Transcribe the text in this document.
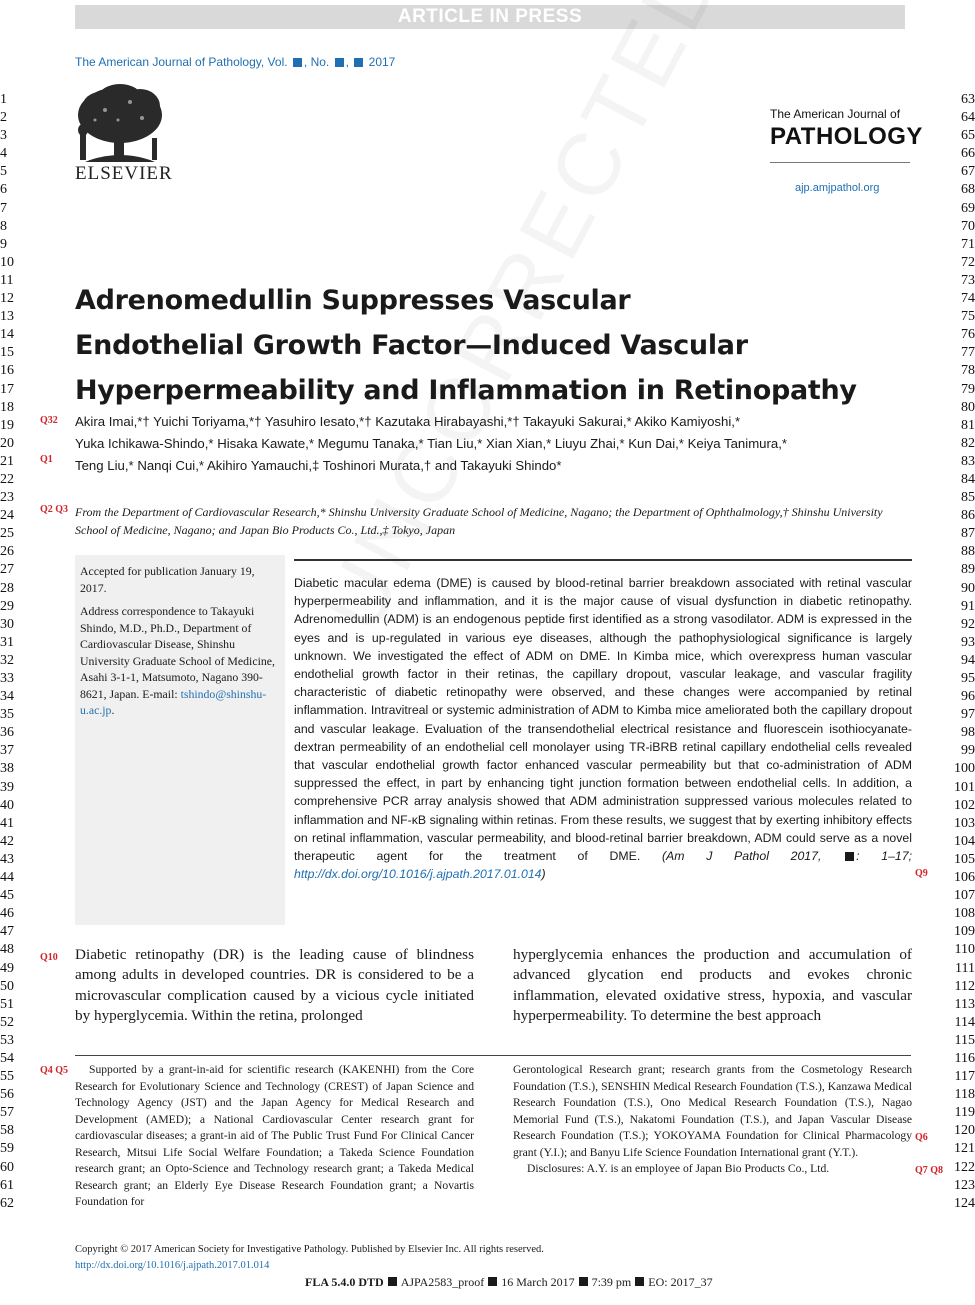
ARTICLE IN PRESS
The American Journal of Pathology, Vol. , No. , 2017
ELSEVIER
The American Journal of
PATHOLOGY
ajp.amjpathol.org
1
2
3
4
5
6
7
8
9
10
11
12
13
14
15
16
17
18
19
20
21
22
23
24
25
26
27
28
29
30
31
32
33
34
35
36
37
38
39
40
41
42
43
44
45
46
47
48
49
50
51
52
53
54
55
56
57
58
59
60
61
62
63
64
65
66
67
68
69
70
71
72
73
74
75
76
77
78
79
80
81
82
83
84
85
86
87
88
89
90
91
92
93
94
95
96
97
98
99
100
101
102
103
104
105
106
107
108
109
110
111
112
113
114
115
116
117
118
119
120
121
122
123
124
Q32
Q1
Q2 Q3
Q9
Q10
Q4 Q5
Q6
Q7 Q8
Adrenomedullin Suppresses Vascular
Endothelial Growth Factor—Induced Vascular
Hyperpermeability and Inflammation in Retinopathy
Akira Imai,*† Yuichi Toriyama,*† Yasuhiro Iesato,*† Kazutaka Hirabayashi,*† Takayuki Sakurai,* Akiko Kamiyoshi,*
Yuka Ichikawa-Shindo,* Hisaka Kawate,* Megumu Tanaka,* Tian Liu,* Xian Xian,* Liuyu Zhai,* Kun Dai,* Keiya Tanimura,*
Teng Liu,* Nanqi Cui,* Akihiro Yamauchi,‡ Toshinori Murata,† and Takayuki Shindo*
From the Department of Cardiovascular Research,* Shinshu University Graduate School of Medicine, Nagano; the Department of Ophthalmology,† Shinshu University School of Medicine, Nagano; and Japan Bio Products Co., Ltd.,‡ Tokyo, Japan

Accepted for publication January 19, 2017.

Address correspondence to Takayuki Shindo, M.D., Ph.D., Department of Cardiovascular Disease, Shinshu University Graduate School of Medicine, Asahi 3-1-1, Matsumoto, Nagano 390-8621, Japan. E-mail: tshindo@shinshu-u.ac.jp.

Diabetic macular edema (DME) is caused by blood-retinal barrier breakdown associated with retinal vascular hyperpermeability and inflammation, and it is the major cause of visual dysfunction in diabetic retinopathy. Adrenomedullin (ADM) is an endogenous peptide first identified as a strong vasodilator. ADM is expressed in the eyes and is up-regulated in various eye diseases, although the pathophysiological significance is largely unknown. We investigated the effect of ADM on DME. In Kimba mice, which overexpress human vascular endothelial growth factor in their retinas, the capillary dropout, vascular leakage, and vascular fragility characteristic of diabetic retinopathy were observed, and these changes were accompanied by retinal inflammation. Intravitreal or systemic administration of ADM to Kimba mice ameliorated both the capillary dropout and vascular leakage. Evaluation of the transendothelial electrical resistance and fluorescein isothiocyanate-dextran permeability of an endothelial cell monolayer using TR-iBRB retinal capillary endothelial cells revealed that vascular endothelial growth factor enhanced vascular permeability but that co-administration of ADM suppressed the effect, in part by enhancing tight junction formation between endothelial cells. In addition, a comprehensive PCR array analysis showed that ADM administration suppressed various molecules related to inflammation and NF-κB signaling within retinas. From these results, we suggest that by exerting inhibitory effects on retinal inflammation, vascular permeability, and blood-retinal barrier breakdown, ADM could serve as a novel therapeutic agent for the treatment of DME. (Am J Pathol 2017,	: 1–17; http://dx.doi.org/10.1016/j.ajpath.2017.01.014)
Diabetic retinopathy (DR) is the leading cause of blindness among adults in developed countries. DR is considered to be a microvascular complication caused by a vicious cycle initiated by hyperglycemia. Within the retina, prolonged
hyperglycemia enhances the production and accumulation of advanced glycation end products and evokes chronic inflammation, elevated oxidative stress, hypoxia, and vascular hyperpermeability. To determine the best approach
Supported by a grant-in-aid for scientific research (KAKENHI) from the Core Research for Evolutionary Science and Technology (CREST) of Japan Science and Technology Agency (JST) and the Japan Agency for Medical Research and Development (AMED); a National Cardiovascular Center research grant for cardiovascular diseases; a grant-in aid of The Public Trust Fund For Clinical Cancer Research, Mitsui Life Social Welfare Foundation; a Takeda Science Foundation research grant; an Opto-Science and Technology research grant; a Takeda Medical Research grant; an Elderly Eye Disease Research Foundation grant; a Novartis Foundation for
Gerontological Research grant; research grants from the Cosmetology Research Foundation (T.S.), SENSHIN Medical Research Foundation (T.S.), Kanzawa Medical Research Foundation (T.S.), Ono Medical Research Foundation (T.S.), Nagao Memorial Fund (T.S.), Nakatomi Foundation (T.S.), and Japan Vascular Disease Research Foundation (T.S.); YOKOYAMA Foundation for Clinical Pharmacology grant (Y.I.); and Banyu Life Science Foundation International grant (Y.T.).
Disclosures: A.Y. is an employee of Japan Bio Products Co., Ltd.
Copyright © 2017 American Society for Investigative Pathology. Published by Elsevier Inc. All rights reserved.
http://dx.doi.org/10.1016/j.ajpath.2017.01.014
FLA 5.4.0 DTD AJPA2583_proof 16 March 2017 7:39 pm EO: 2017_37
